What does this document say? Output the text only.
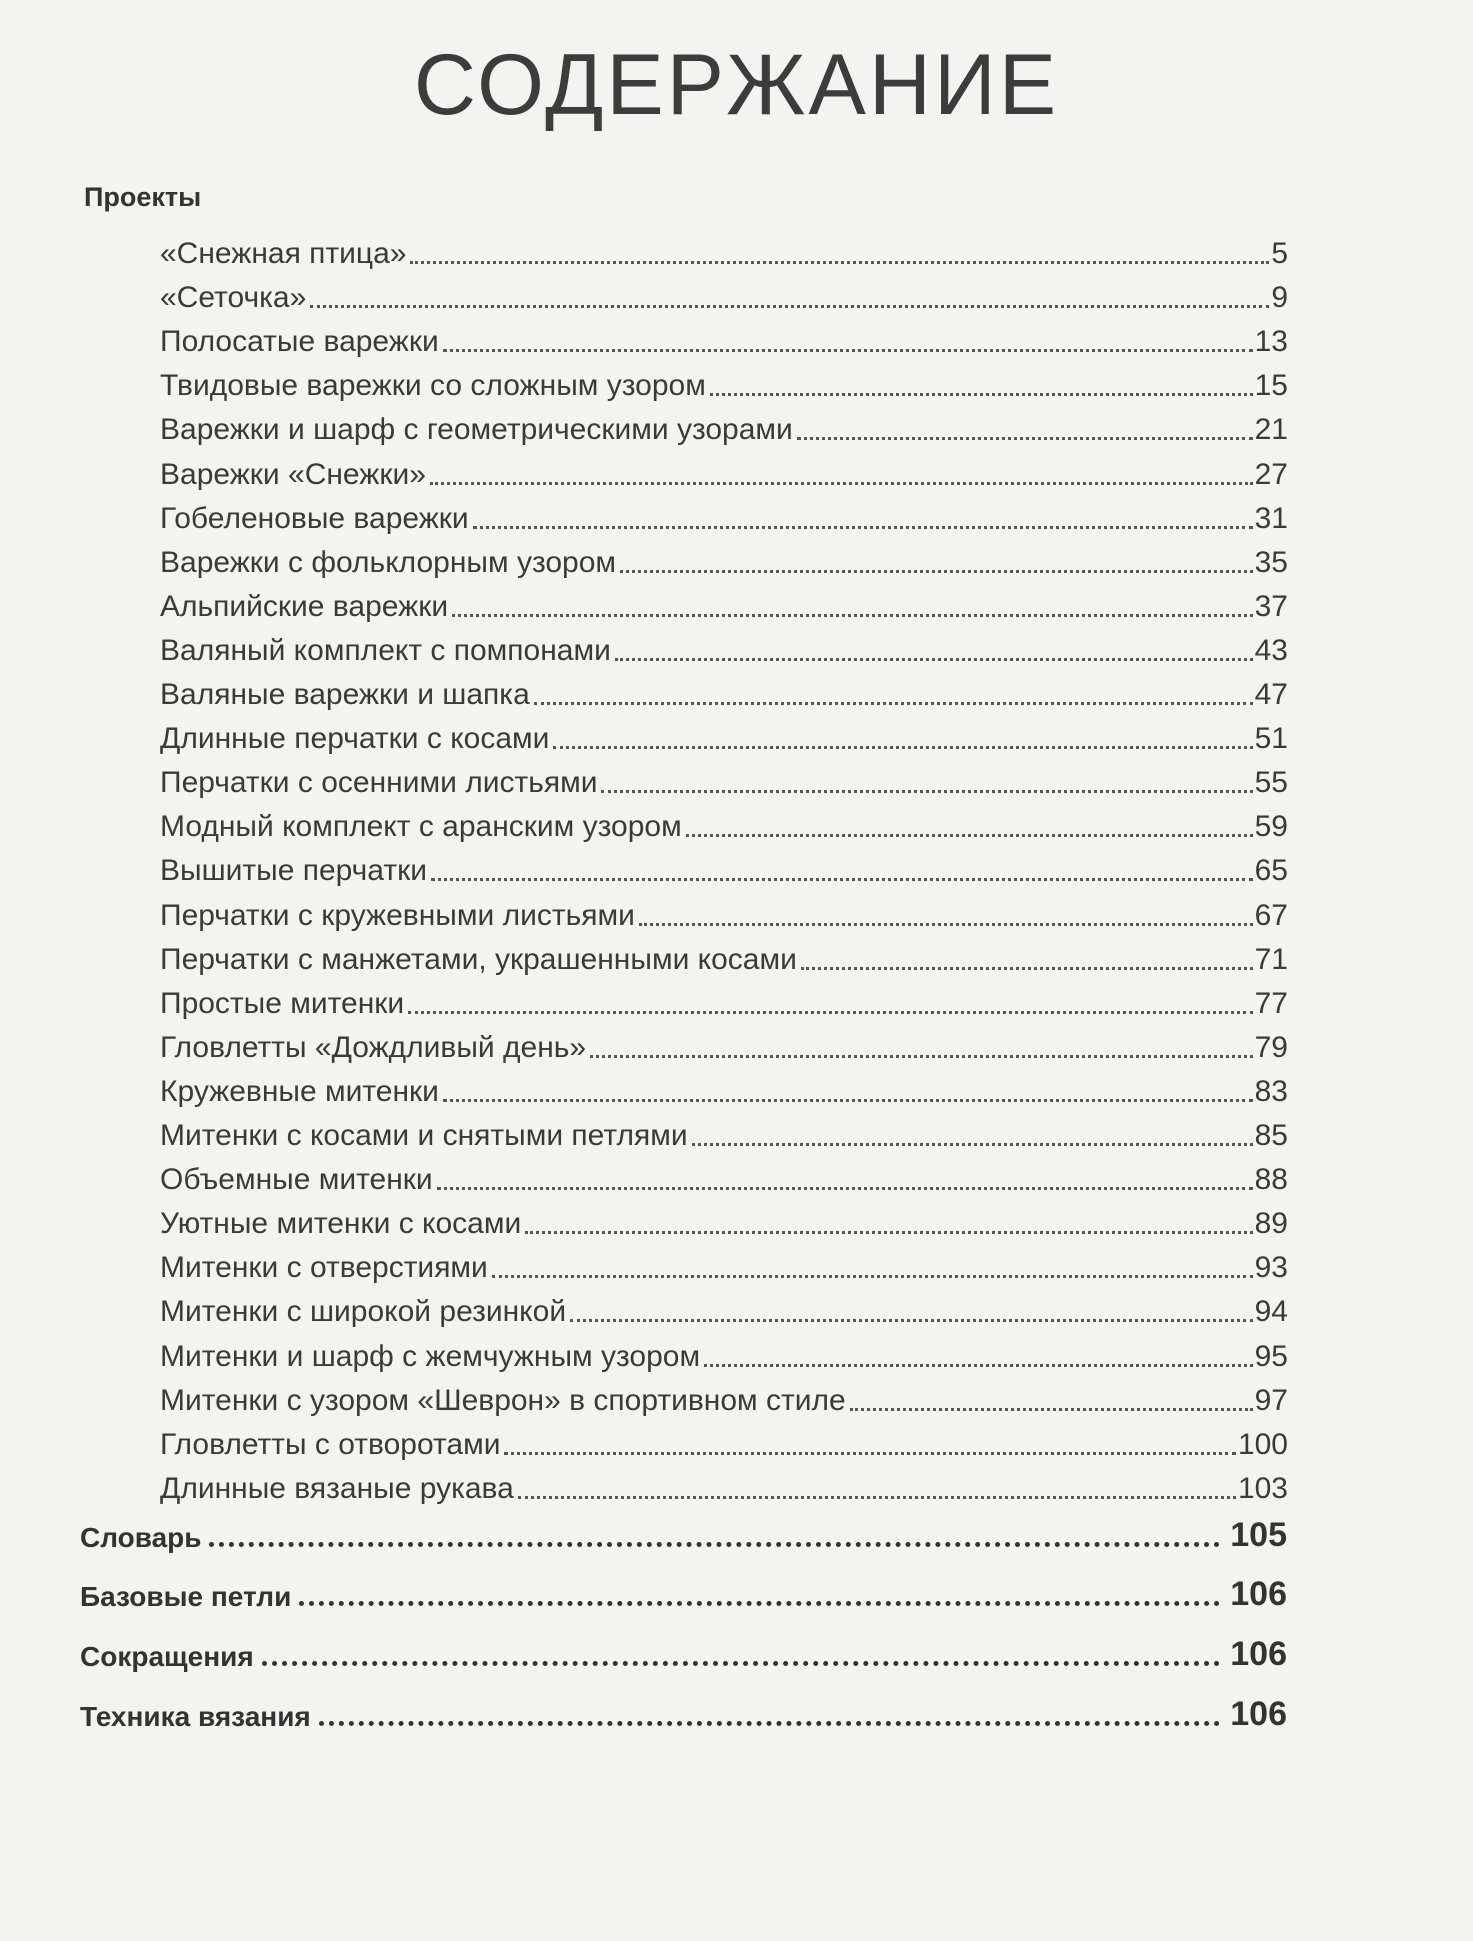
СОДЕРЖАНИЕ
Проекты
«Снежная птица»	5
«Сеточка»	9
Полосатые варежки	13
Твидовые варежки со сложным узором	15
Варежки и шарф с геометрическими узорами	21
Варежки «Снежки»	27
Гобеленовые варежки	31
Варежки с фольклорным узором	35
Альпийские варежки	37
Валяный комплект с помпонами	43
Валяные варежки и шапка	47
Длинные перчатки с косами	51
Перчатки с осенними листьями	55
Модный комплект с аранским узором	59
Вышитые перчатки	65
Перчатки с кружевными листьями	67
Перчатки с манжетами, украшенными косами	71
Простые митенки	77
Гловлетты «Дождливый день»	79
Кружевные митенки	83
Митенки с косами и снятыми петлями	85
Объемные митенки	88
Уютные митенки с косами	89
Митенки с отверстиями	93
Митенки с широкой резинкой	94
Митенки и шарф с жемчужным узором	95
Митенки с узором «Шеврон» в спортивном стиле	97
Гловлетты с отворотами	100
Длинные вязаные рукава	103
Словарь	105
Базовые петли	106
Сокращения	106
Техника вязания	106
